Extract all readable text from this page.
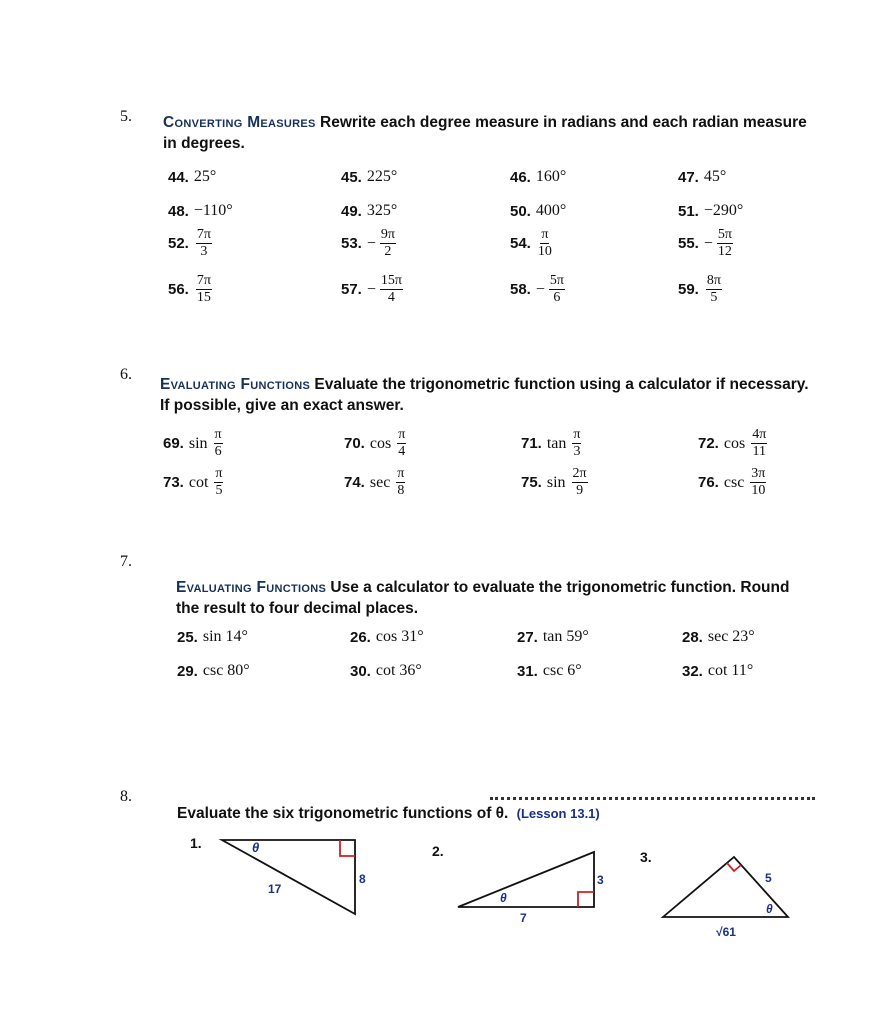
5. Converting Measures Rewrite each degree measure in radians and each radian measure in degrees.
44. 25°	45. 225°	46. 160°	47. 45°
48. −110°	49. 325°	50. 400°	51. −290°
52. $\frac{7\pi}{3}$	53. − $\frac{9\pi}{2}$	54. $\frac{\pi}{10}$	55. − $\frac{5\pi}{12}$
56. $\frac{7\pi}{15}$	57. − $\frac{15\pi}{4}$	58. − $\frac{5\pi}{6}$	59. $\frac{8\pi}{5}$
6.
Evaluating Functions Evaluate the trigonometric function using a calculator if necessary. If possible, give an exact answer.
69. $\sin \frac{\pi}{6}$	70. $\cos \frac{\pi}{4}$	71. $\tan \frac{\pi}{3}$	72. $\cos \frac{4\pi}{11}$
73. $\cot \frac{\pi}{5}$	74. $\sec \frac{\pi}{8}$	75. $\sin \frac{2\pi}{9}$	76. $\csc \frac{3\pi}{10}$
7.
Evaluating Functions Use a calculator to evaluate the trigonometric function. Round the result to four decimal places.
25. sin 14°	26. cos 31°	27. tan 59°	28. sec 23°
29. csc 80°	30. cot 36°	31. csc 6°	32. cot 11°
8.
Evaluate the six trigonometric functions of θ. (Lesson 13.1)
1.	θ
17
8
2.
θ
7
3
3.
θ
5
√61
